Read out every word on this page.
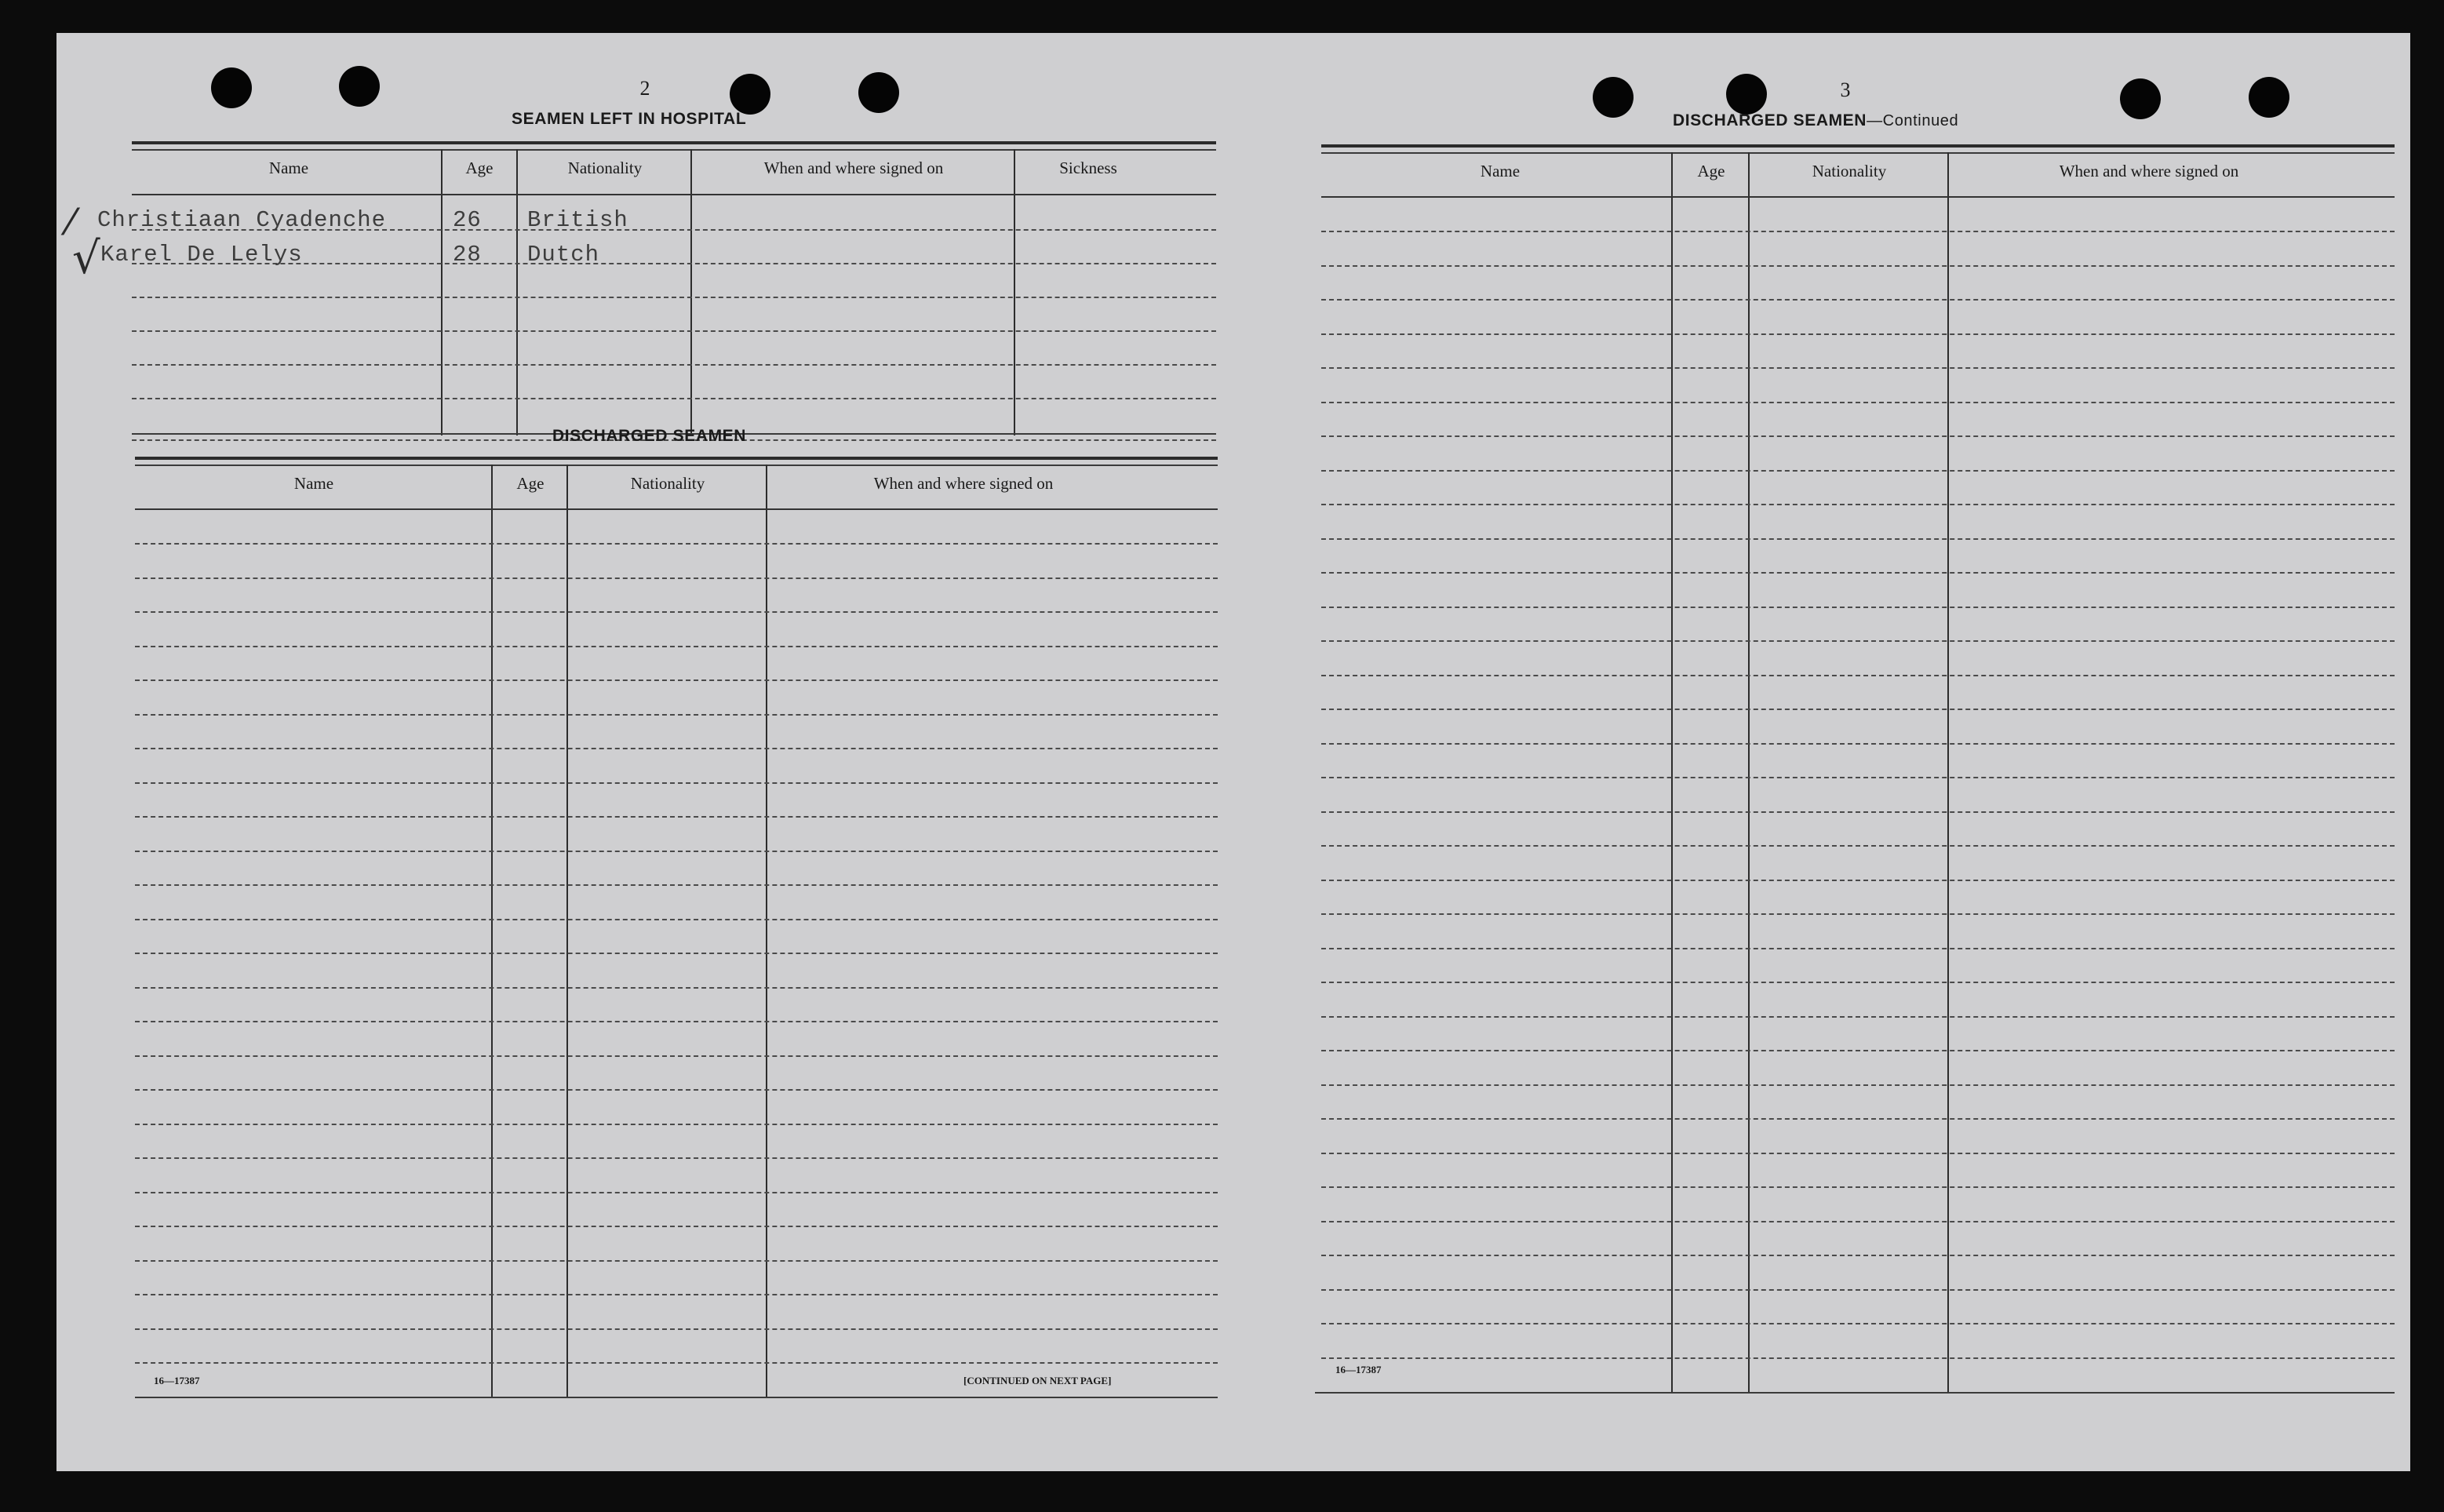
2
SEAMEN LEFT IN HOSPITAL
Name	Age	Nationality	When and where signed on	Sickness
⁄
√
Christiaan Cyadenche	26 British
Karel De Lelys	28 Dutch
DISCHARGED SEAMEN
Name	Age	Nationality	When and where signed on
16—17387	[CONTINUED ON NEXT PAGE]
3
DISCHARGED SEAMEN—Continued
Name	Age	Nationality	When and where signed on
16—17387
